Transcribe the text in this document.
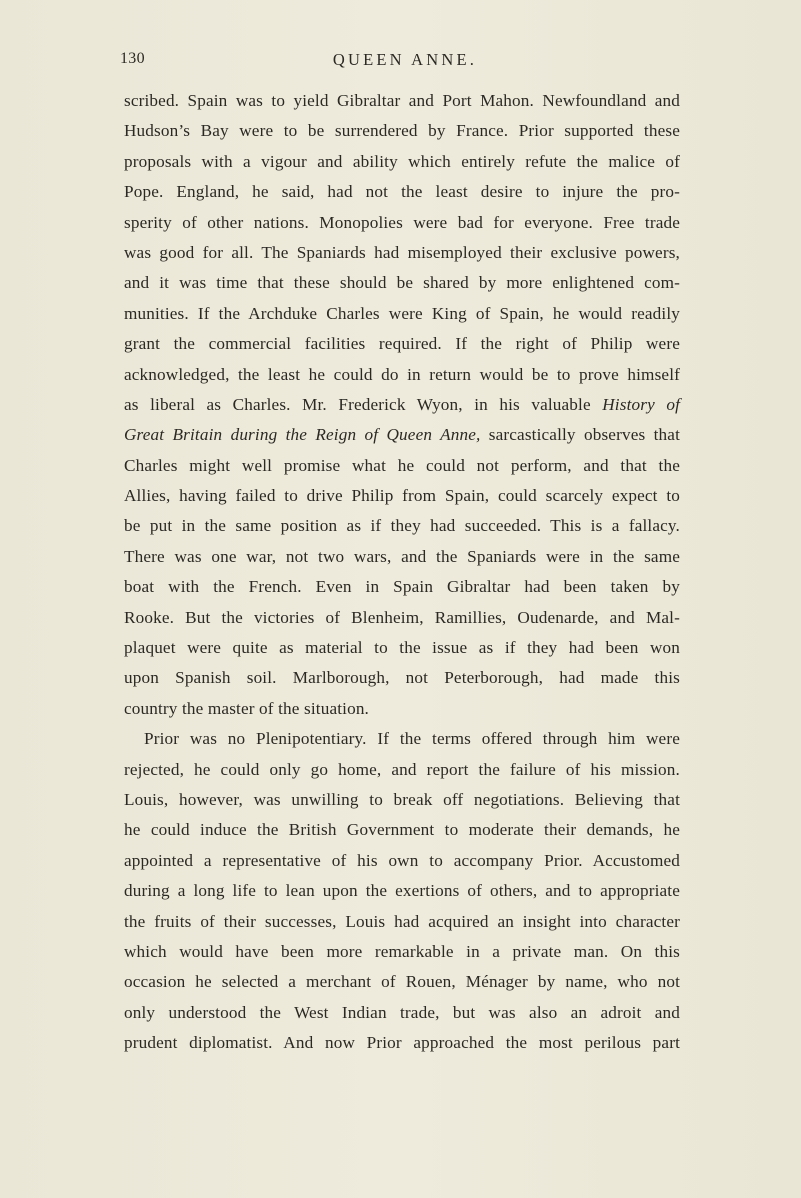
130	QUEEN ANNE.
scribed. Spain was to yield Gibraltar and Port Mahon. Newfoundland and
Hudson’s Bay were to be surrendered by France. Prior supported these
proposals with a vigour and ability which entirely refute the malice of
Pope. England, he said, had not the least desire to injure the pro-
sperity of other nations. Monopolies were bad for everyone. Free trade
was good for all. The Spaniards had misemployed their exclusive powers,
and it was time that these should be shared by more enlightened com-
munities. If the Archduke Charles were King of Spain, he would readily
grant the commercial facilities required. If the right of Philip were
acknowledged, the least he could do in return would be to prove himself
as liberal as Charles. Mr. Frederick Wyon, in his valuable History of
Great Britain during the Reign of Queen Anne, sarcastically observes that
Charles might well promise what he could not perform, and that the
Allies, having failed to drive Philip from Spain, could scarcely expect to
be put in the same position as if they had succeeded. This is a fallacy.
There was one war, not two wars, and the Spaniards were in the same
boat with the French. Even in Spain Gibraltar had been taken by
Rooke. But the victories of Blenheim, Ramillies, Oudenarde, and Mal-
plaquet were quite as material to the issue as if they had been won
upon Spanish soil. Marlborough, not Peterborough, had made this
country the master of the situation.
Prior was no Plenipotentiary. If the terms offered through him were
rejected, he could only go home, and report the failure of his mission.
Louis, however, was unwilling to break off negotiations. Believing that
he could induce the British Government to moderate their demands, he
appointed a representative of his own to accompany Prior. Accustomed
during a long life to lean upon the exertions of others, and to appropriate
the fruits of their successes, Louis had acquired an insight into character
which would have been more remarkable in a private man. On this
occasion he selected a merchant of Rouen, Ménager by name, who not
only understood the West Indian trade, but was also an adroit and
prudent diplomatist. And now Prior approached the most perilous part
